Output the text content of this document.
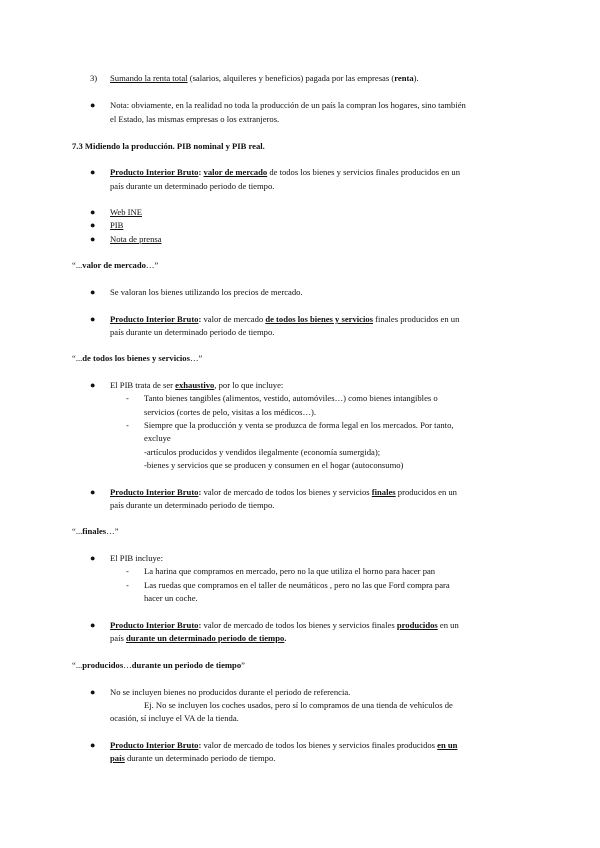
3) Sumando la renta total (salarios, alquileres y beneficios) pagada por las empresas (renta).
● Nota: obviamente, en la realidad no toda la producción de un país la compran los hogares, sino también
el Estado, las mismas empresas o los extranjeros.
7.3 Midiendo la producción. PIB nominal y PIB real.
● Producto Interior Bruto: valor de mercado de todos los bienes y servicios finales producidos en un
país durante un determinado periodo de tiempo.
● Web INE
● PIB
● Nota de prensa
“...valor de mercado…”
● Se valoran los bienes utilizando los precios de mercado.
● Producto Interior Bruto: valor de mercado de todos los bienes y servicios finales producidos en un
país durante un determinado periodo de tiempo.
“...de todos los bienes y servicios…”
● El PIB trata de ser exhaustivo, por lo que incluye:
- Tanto bienes tangibles (alimentos, vestido, automóviles…) como bienes intangibles o
servicios (cortes de pelo, visitas a los médicos…).
- Siempre que la producción y venta se produzca de forma legal en los mercados. Por tanto,
excluye
-artículos producidos y vendidos ilegalmente (economía sumergida);
-bienes y servicios que se producen y consumen en el hogar (autoconsumo)
● Producto Interior Bruto: valor de mercado de todos los bienes y servicios finales producidos en un
país durante un determinado periodo de tiempo.
“...finales…”
● El PIB incluye:
- La harina que compramos en mercado, pero no la que utiliza el horno para hacer pan
- Las ruedas que compramos en el taller de neumáticos , pero no las que Ford compra para
hacer un coche.
● Producto Interior Bruto: valor de mercado de todos los bienes y servicios finales producidos en un
país durante un determinado periodo de tiempo.
“...producidos…durante un periodo de tiempo”
● No se incluyen bienes no producidos durante el periodo de referencia.
Ej. No se incluyen los coches usados, pero sí lo compramos de una tienda de vehículos de
ocasión, sí incluye el VA de la tienda.
● Producto Interior Bruto: valor de mercado de todos los bienes y servicios finales producidos en un
país durante un determinado periodo de tiempo.
